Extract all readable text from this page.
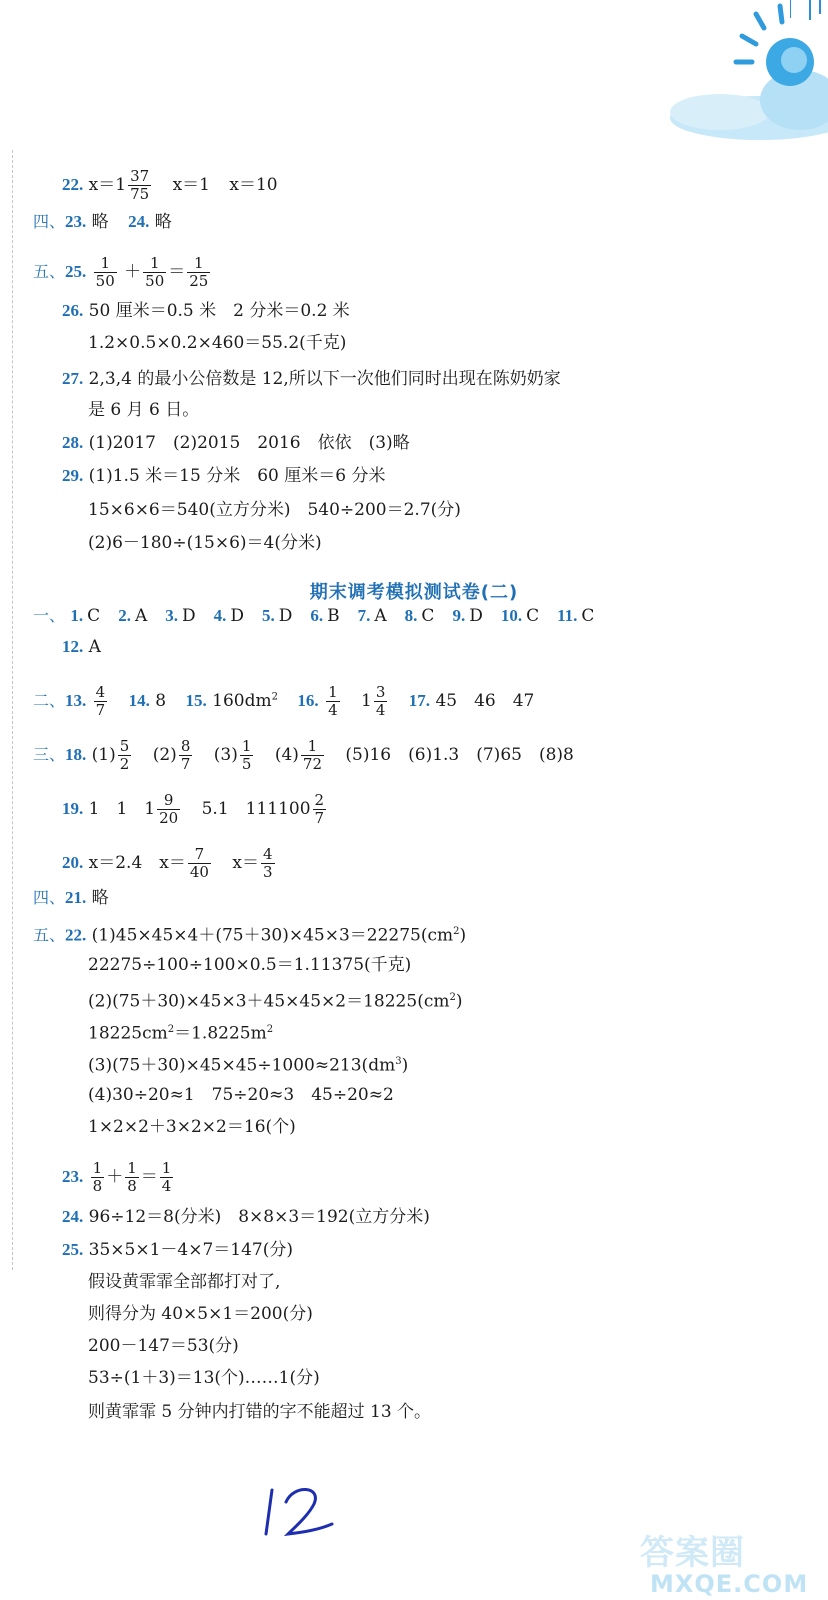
22. $x=1 \frac{37}{75} x=1$ x＝10
四、23. 略 24. 略
五、25. $\frac{1}{50} + \frac{1}{50} = \frac{1}{25}$
26. 50 厘米＝0.5 米　2 分米＝0.2 米
1.2×0.5×0.2×460＝55.2(千克)
27. 2,3,4 的最小公倍数是 12,所以下一次他们同时出现在陈奶奶家
是 6 月 6 日。
28. (1)2017　(2)2015　2016　依依　(3)略
29. (1)1.5 米＝15 分米　60 厘米＝6 分米
15×6×6＝540(立方分米)　540÷200＝2.7(分)
(2)6－180÷(15×6)＝4(分米)
期末调考模拟测试卷(二)
一、 1. C 2. A 3. D 4. D 5. D 6. B 7. A 8. C 9. D 10. C 11. C
12. A
二、13. $\frac{4}{7} 14$. 8 15. $160dm^2$ 16. $\frac{1}{4} 1 \frac{3}{4} 17$. 45　46　47
三、18. $(1) \frac{5}{2} (2) \frac{8}{7} (3) \frac{1}{5} (4) \frac{1}{72} (5)16$　(6)1.3　(7)65　(8)8
19. 1　1　$1 \frac{9}{20} 5.1$　$111100 \frac{2}{7}$
20. x＝2.4　$x= \frac{7}{40} x= \frac{4}{3}$
四、21. 略
五、22. $(1)45\times 45\times 4+(75+30)\times 45\times 3=22275(cm^2)$
22275÷100÷100×0.5＝1.11375(千克)
$(2)(75+30)\times 45\times 3+45\times 45\times 2=18225(cm^2)$
$18225cm^2=1.8225m^2$
$(3)(75+30)\times 45\times 45\div 1000\approx 213(dm^3)$
(4)30÷20≈1　75÷20≈3　45÷20≈2
1×2×2＋3×2×2＝16(个)
23. $\frac{1}{8} + \frac{1}{8} = \frac{1}{4}$
24. 96÷12＝8(分米)　8×8×3＝192(立方分米)
25. 35×5×1－4×7＝147(分)
假设黄霏霏全部都打对了,
则得分为 40×5×1＝200(分)
200－147＝53(分)
53÷(1＋3)＝13(个)……1(分)
则黄霏霏 5 分钟内打错的字不能超过 13 个。
答案圈
MXQE.COM
